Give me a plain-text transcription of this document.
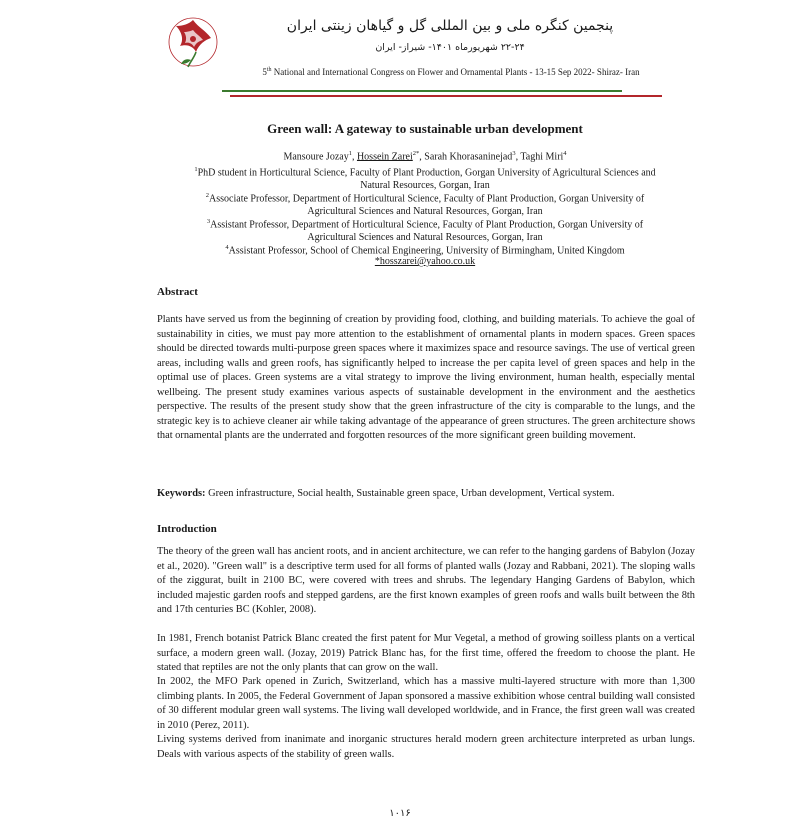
پنجمین کنگره ملی و بین المللی گل و گیاهان زینتی ایران
۲۲-۲۴ شهریورماه ۱۴۰۱- شیراز- ایران
5th National and International Congress on Flower and Ornamental Plants - 13-15 Sep 2022- Shiraz- Iran
Green wall: A gateway to sustainable urban development
Mansoure Jozay$^1$, Hossein Zarei$^{2*}$, Sarah Khorasaninejad$^3$, Taghi Miri$^4$
$^1$PhD student in Horticultural Science, Faculty of Plant Production, Gorgan University of Agricultural Sciences and
Natural Resources, Gorgan, Iran
$^2$Associate Professor, Department of Horticultural Science, Faculty of Plant Production, Gorgan University of
Agricultural Sciences and Natural Resources, Gorgan, Iran
$^3$Assistant Professor, Department of Horticultural Science, Faculty of Plant Production, Gorgan University of
Agricultural Sciences and Natural Resources, Gorgan, Iran
$^4$Assistant Professor, School of Chemical Engineering, University of Birmingham, United Kingdom
*hosszarei@yahoo.co.uk
Abstract
Plants have served us from the beginning of creation by providing food, clothing, and building materials. To achieve the goal of sustainability in cities, we must pay more attention to the establishment of ornamental plants in modern spaces. Green spaces should be directed towards multi-purpose green spaces where it maximizes space and resource savings. The use of vertical green areas, including walls and green roofs, has significantly helped to increase the per capita level of green spaces and help in the optimal use of places. Green systems are a vital strategy to improve the living environment, human health, especially mental wellbeing. The present study examines various aspects of sustainable development in the environment and the aesthetics perspective. The results of the present study show that the green infrastructure of the city is comparable to the lungs, and the strategic key is to achieve cleaner air while taking advantage of the appearance of green structures. The green architecture shows that ornamental plants are the underrated and forgotten resources of the more significant green building movement.
Keywords: Green infrastructure, Social health, Sustainable green space, Urban development, Vertical system.
Introduction
The theory of the green wall has ancient roots, and in ancient architecture, we can refer to the hanging gardens of Babylon (Jozay et al., 2020). "Green wall" is a descriptive term used for all forms of planted walls (Jozay and Rabbani, 2021). The sloping walls of the ziggurat, built in 2100 BC, were covered with trees and shrubs. The legendary Hanging Gardens of Babylon, which included majestic garden roofs and stepped gardens, are the first known examples of green roofs and walls built between the 8th and 17th centuries BC (Kohler, 2008).
In 1981, French botanist Patrick Blanc created the first patent for Mur Vegetal, a method of growing soilless plants on a vertical surface, a modern green wall. (Jozay, 2019) Patrick Blanc has, for the first time, offered the freedom to choose the plant. He stated that reptiles are not the only plants that can grow on the wall.
In 2002, the MFO Park opened in Zurich, Switzerland, which has a massive multi-layered structure with more than 1,300 climbing plants. In 2005, the Federal Government of Japan sponsored a massive exhibition whose central building wall consisted of 30 different modular green wall systems. The living wall developed worldwide, and in France, the first green wall was created in 2010 (Perez, 2011).
Living systems derived from inanimate and inorganic structures herald modern green architecture interpreted as urban lungs. Deals with various aspects of the stability of green walls.
۱۰۱۶
